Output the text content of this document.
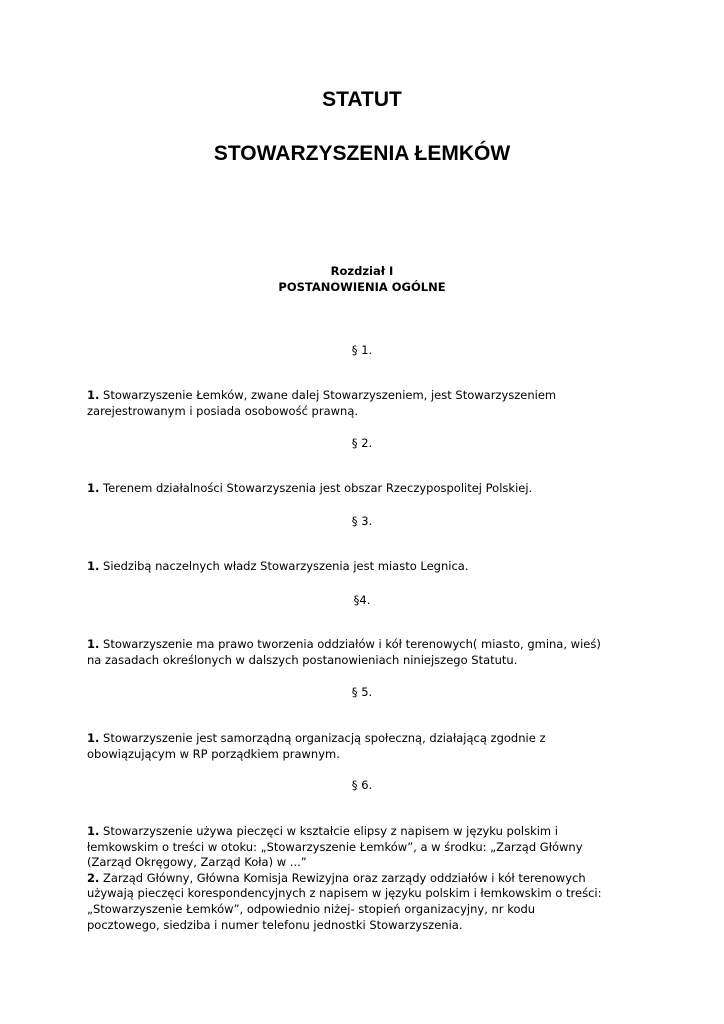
STATUT
STOWARZYSZENIA ŁEMKÓW
Rozdział I
POSTANOWIENIA OGÓLNE
§ 1.

1. Stowarzyszenie Łemków, zwane dalej Stowarzyszeniem, jest Stowarzyszeniem
zarejestrowanym i posiada osobowość prawną.

§ 2.

1. Terenem działalności Stowarzyszenia jest obszar Rzeczypospolitej Polskiej.

§ 3.

1. Siedzibą naczelnych władz Stowarzyszenia jest miasto Legnica.

§4.

1. Stowarzyszenie ma prawo tworzenia oddziałów i kół terenowych( miasto, gmina, wieś)
na zasadach określonych w dalszych postanowieniach niniejszego Statutu.

§ 5.

1. Stowarzyszenie jest samorządną organizacją społeczną, działającą zgodnie z
obowiązującym w RP porządkiem prawnym.

§ 6.

1. Stowarzyszenie używa pieczęci w kształcie elipsy z napisem w języku polskim i
łemkowskim o treści w otoku: „Stowarzyszenie Łemków”, a w środku: „Zarząd Główny
(Zarząd Okręgowy, Zarząd Koła) w ...”
2. Zarząd Główny, Główna Komisja Rewizyjna oraz zarządy oddziałów i kół terenowych
używają pieczęci korespondencyjnych z napisem w języku polskim i łemkowskim o treści:
„Stowarzyszenie Łemków”, odpowiednio niżej- stopień organizacyjny, nr kodu
pocztowego, siedziba i numer telefonu jednostki Stowarzyszenia.
